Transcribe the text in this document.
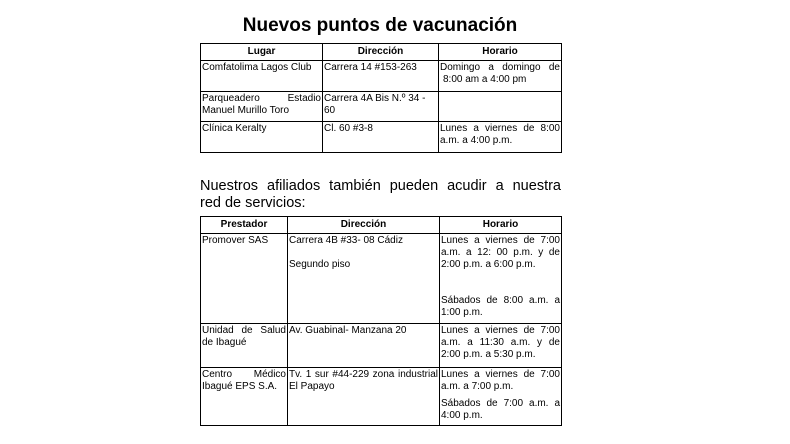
Nuevos puntos de vacunación
Lugar	Dirección	Horario
Comfatolima Lagos Club	Carrera 14 #153-263	Domingo a domingo de
8:00 am a 4:00 pm

Parqueadero Estadio
Manuel Murillo Toro	Carrera 4A Bis N.º 34 - 60	
Clínica Keralty	Cl. 60 #3-8	Lunes a viernes de 8:00
a.m. a 4:00 p.m.
Nuestros afiliados también pueden acudir a nuestra
red de servicios:
Prestador	Dirección	Horario
Promover SAS	Carrera 4B #33- 08 Cádiz
Segundo piso	Lunes a viernes de 7:00
a.m. a 12: 00 p.m. y de
2:00 p.m. a 6:00 p.m.
Sábados de 8:00 a.m. a
1:00 p.m.

Unidad de Salud
de Ibagué	Av. Guabinal- Manzana 20	Lunes a viernes de 7:00
a.m. a 11:30 a.m. y de
2:00 p.m. a 5:30 p.m.

Centro Médico
Ibagué EPS S.A.	Tv. 1 sur #44-229 zona industrial
El Papayo	Lunes a viernes de 7:00
a.m. a 7:00 p.m.
Sábados de 7:00 a.m. a
4:00 p.m.
